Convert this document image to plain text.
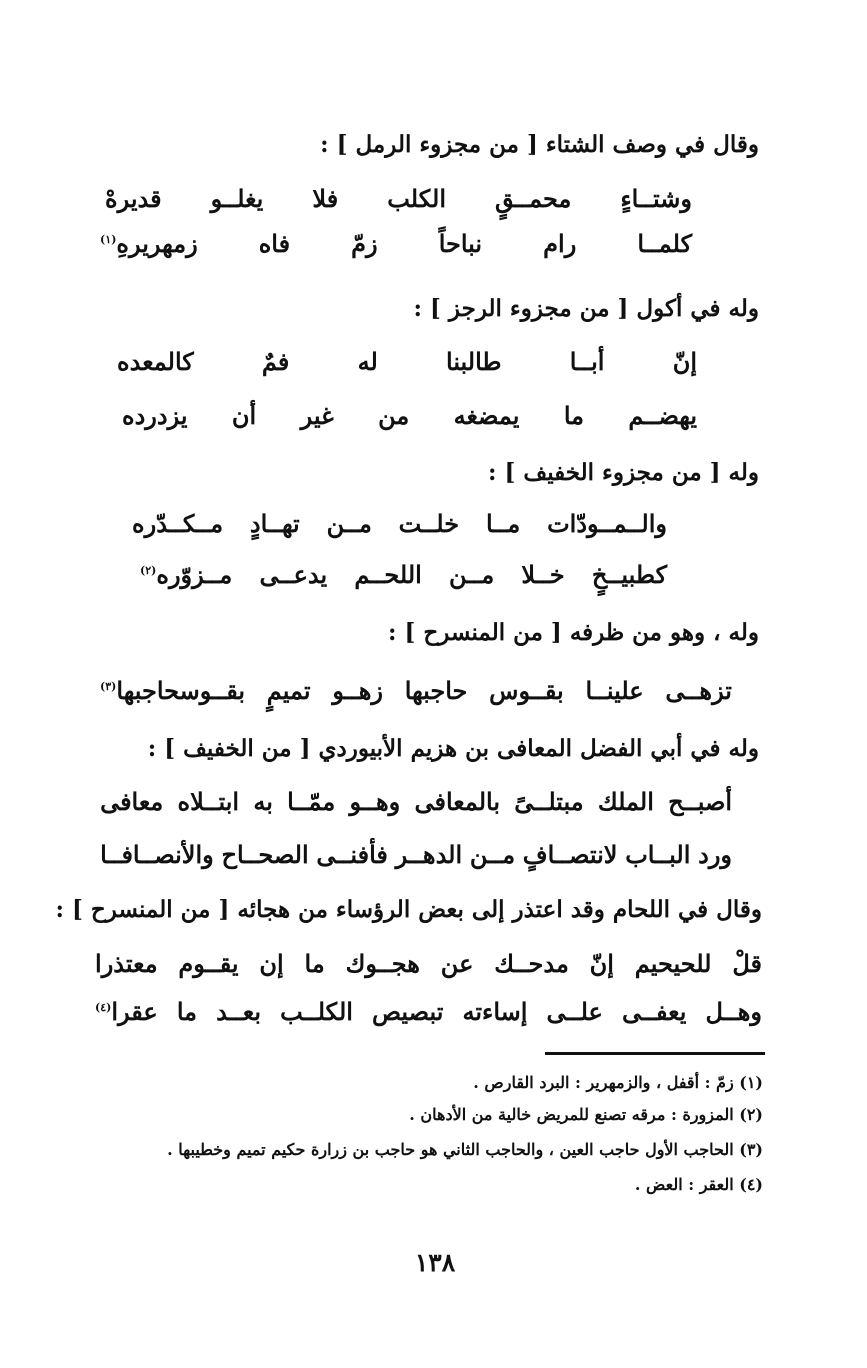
وقال في وصف الشتاء [ من مجزوء الرمل ] :
وشتــاءٍ
محمــقٍ
الكلب
فلا
يغلــو
قديرهْ
كلمــا
رام
نباحاً
زمّ
فاه
زمهريرهِ$^{(١)}$
وله في أكول [ من مجزوء الرجز ] :
إنّ
أبــا
طالبنا
له
فمٌ
كالمعده
يهضــم
ما
يمضغه
من
غير
أن
يزدرده
وله [ من مجزوء الخفيف ] :
والــمــودّات
مــا
خلــت
مــن
تهــادٍ
مــكــدّره
كطبيــخٍ
خــلا
مــن
اللحــم
يدعــى
مــزوّره$^{(٢)}$
وله ، وهو من ظرفه [ من المنسرح ] :
تزهــى
علينــا
بقــوس
حاجبها
زهــو
تميمٍ
بقــوسحاجبها$^{(٣)}$
وله في أبي الفضل المعافى بن هزيم الأبيوردي [ من الخفيف ] :
أصبــح
الملك
مبتلــىً
بالمعافى
وهــو
ممّــا
به
ابتــلاه
معافى
ورد
البــاب
لانتصــافٍ
مــن
الدهــر
فأفنــى
الصحــاح
والأنصــافــا
وقال في اللحام وقد اعتذر إلى بعض الرؤساء من هجائه [ من المنسرح ] :
قلْ
للحيحيم
إنّ
مدحــك
عن
هجــوك
ما
إن
يقــوم
معتذرا
وهــل
يعفــى
علــى
إساءته
تبصيص
الكلــب
بعــد
ما
عقرا$^{(٤)}$
(١) زمّ : أقفل ، والزمهرير : البرد القارص .
(٢) المزورة : مرقه تصنع للمريض خالية من الأدهان .
(٣) الحاجب الأول حاجب العين ، والحاجب الثاني هو حاجب بن زرارة حكيم تميم وخطيبها .
(٤) العقر : العض .
١٣٨
